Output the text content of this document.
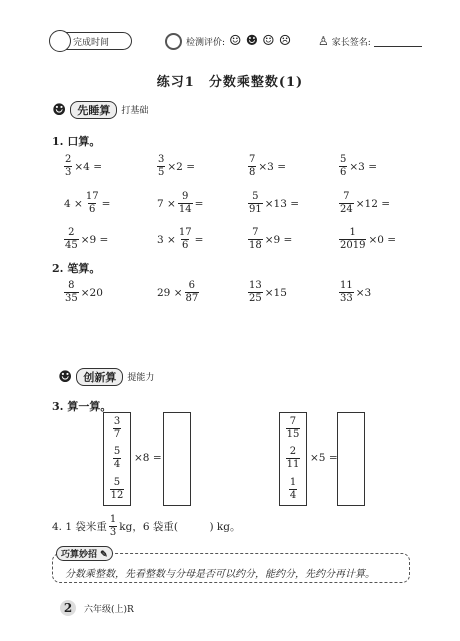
完成时间	检测评价: ☺ ☻ ☺ ☹ ♙ 家长签名:
练习1　分数乘整数(1)
☻	先睡算	打基础
1. 口算。
$\frac{2}{3} \times 4$ =	$\frac{3}{5} \times 2$ =	$\frac{7}{8} \times 3$ =	$\frac{5}{6} \times 3$ =
$4 \times \frac{17}{6}$ =	$7 \times \frac{9}{14}$ =	$\frac{5}{91} \times 13$ =	$\frac{7}{24} \times 12$ =
$\frac{2}{45} \times 9$ =	$3 \times \frac{17}{6}$ =	$\frac{7}{18} \times 9$ =	$\frac{1}{2019} \times 0$ =
2. 笔算。
$\frac{8}{35} \times 20$	$29 \times \frac{6}{87}$	$\frac{13}{25} \times 15$	$\frac{11}{33} \times 3$
☻	创新算	提能力
3. 算一算。
$\frac{3}{7}$
$\frac{5}{4}$
$\frac{5}{12}$
×8 =
$\frac{7}{15}$
$\frac{2}{11}$
$\frac{1}{4}$
×5 =
4. 1 袋米重 $\frac{1}{3}$ kg，6 袋重(　　　) kg。
巧算妙招 ✎
分数乘整数，先看整数与分母是否可以约分，能约分，先约分再计算。
2	六年级(上)R
